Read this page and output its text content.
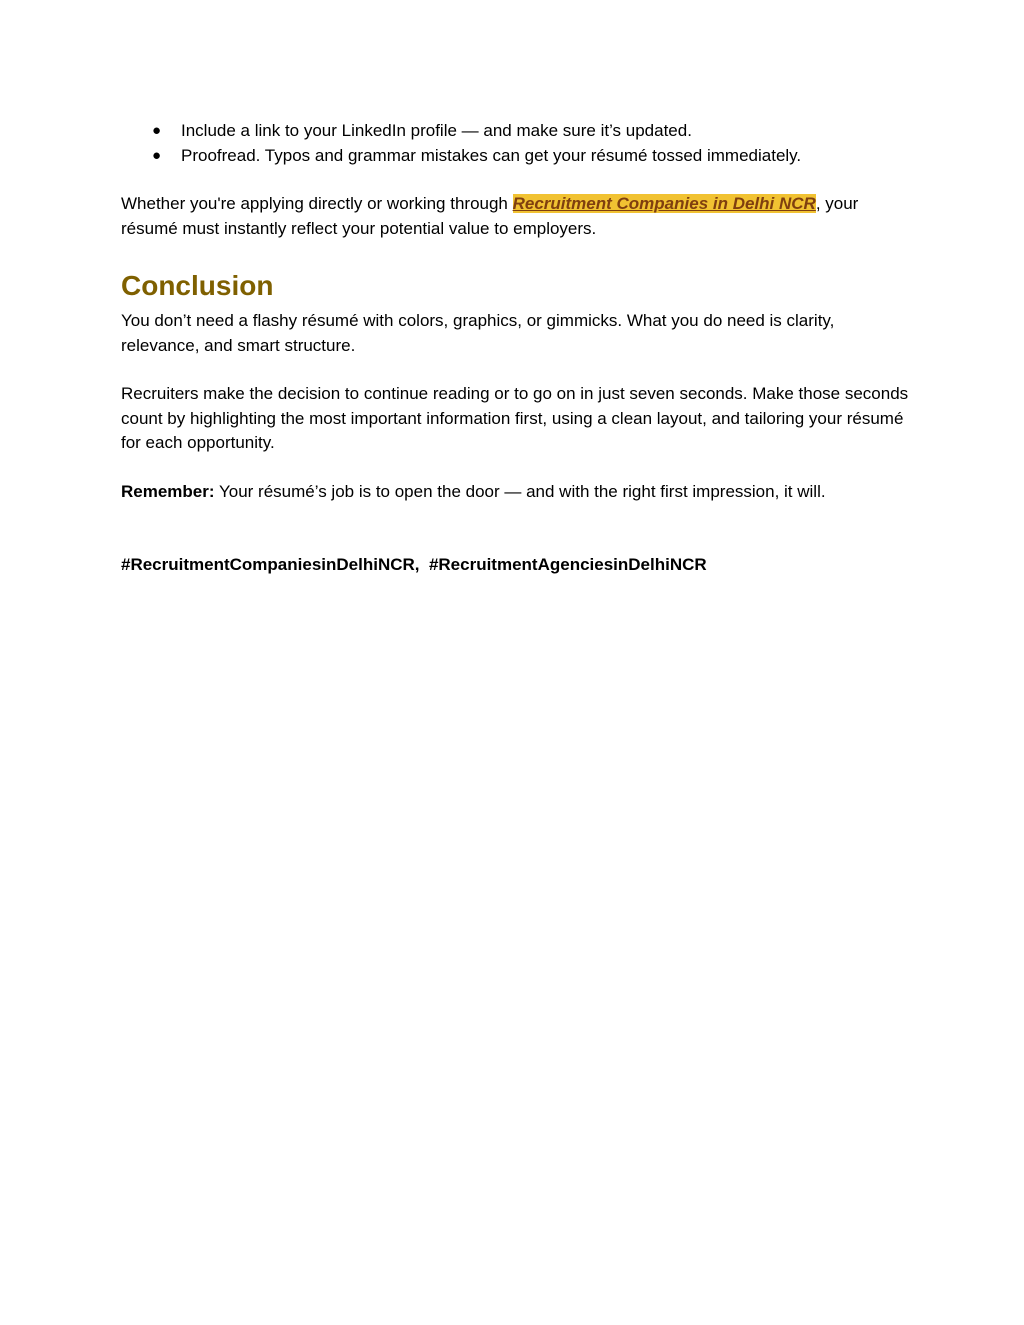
● Include a link to your LinkedIn profile — and make sure it’s updated.
● Proofread. Typos and grammar mistakes can get your résumé tossed immediately.

Whether you're applying directly or working through Recruitment Companies in Delhi NCR, your résumé must instantly reflect your potential value to employers.

Conclusion

You don’t need a flashy résumé with colors, graphics, or gimmicks. What you do need is clarity, relevance, and smart structure.

Recruiters make the decision to continue reading or to go on in just seven seconds. Make those seconds count by highlighting the most important information first, using a clean layout, and tailoring your résumé for each opportunity.

Remember: Your résumé’s job is to open the door — and with the right first impression, it will.

#RecruitmentCompaniesinDelhiNCR,  #RecruitmentAgenciesinDelhiNCR
